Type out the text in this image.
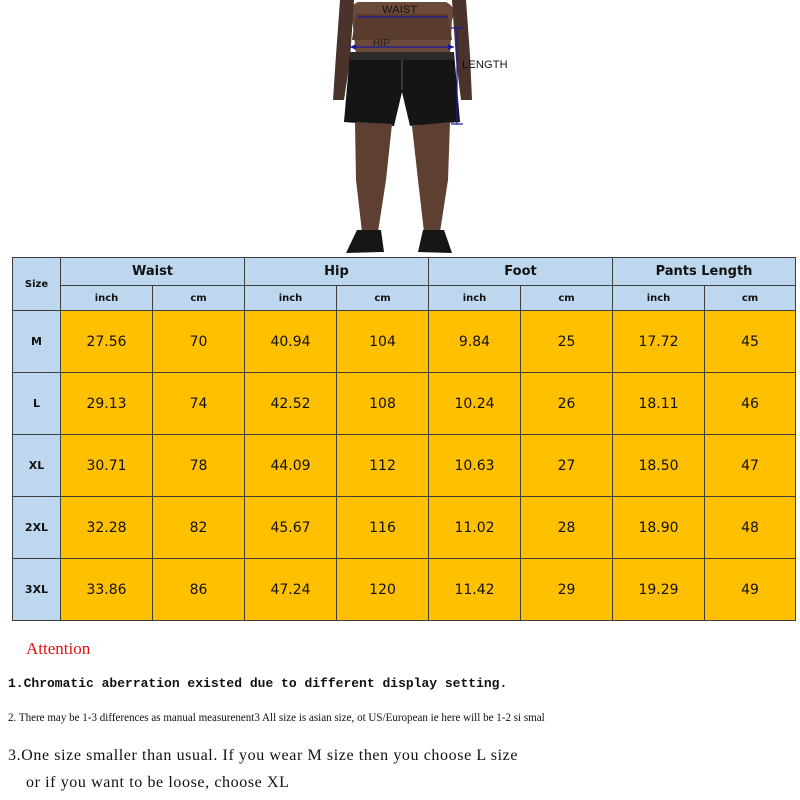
WAIST
HIP
LENGTH
Size	Waist		Hip		Foot		Pants Length	
	inch	cm	inch	cm	inch	cm	inch	cm
M	27.56	70	40.94	104	9.84	25	17.72	45
L	29.13	74	42.52	108	10.24	26	18.11	46
XL	30.71	78	44.09	112	10.63	27	18.50	47
2XL	32.28	82	45.67	116	11.02	28	18.90	48
3XL	33.86	86	47.24	120	11.42	29	19.29	49
Attention
1.Chromatic aberration existed due to different display setting.
2. There may be 1-3 differences as manual measurenent3 All size is asian size, ot US/European ie here will be 1-2 si smal
3.One size smaller than usual. If you wear M size then you choose L size
or if you want to be loose, choose XL
